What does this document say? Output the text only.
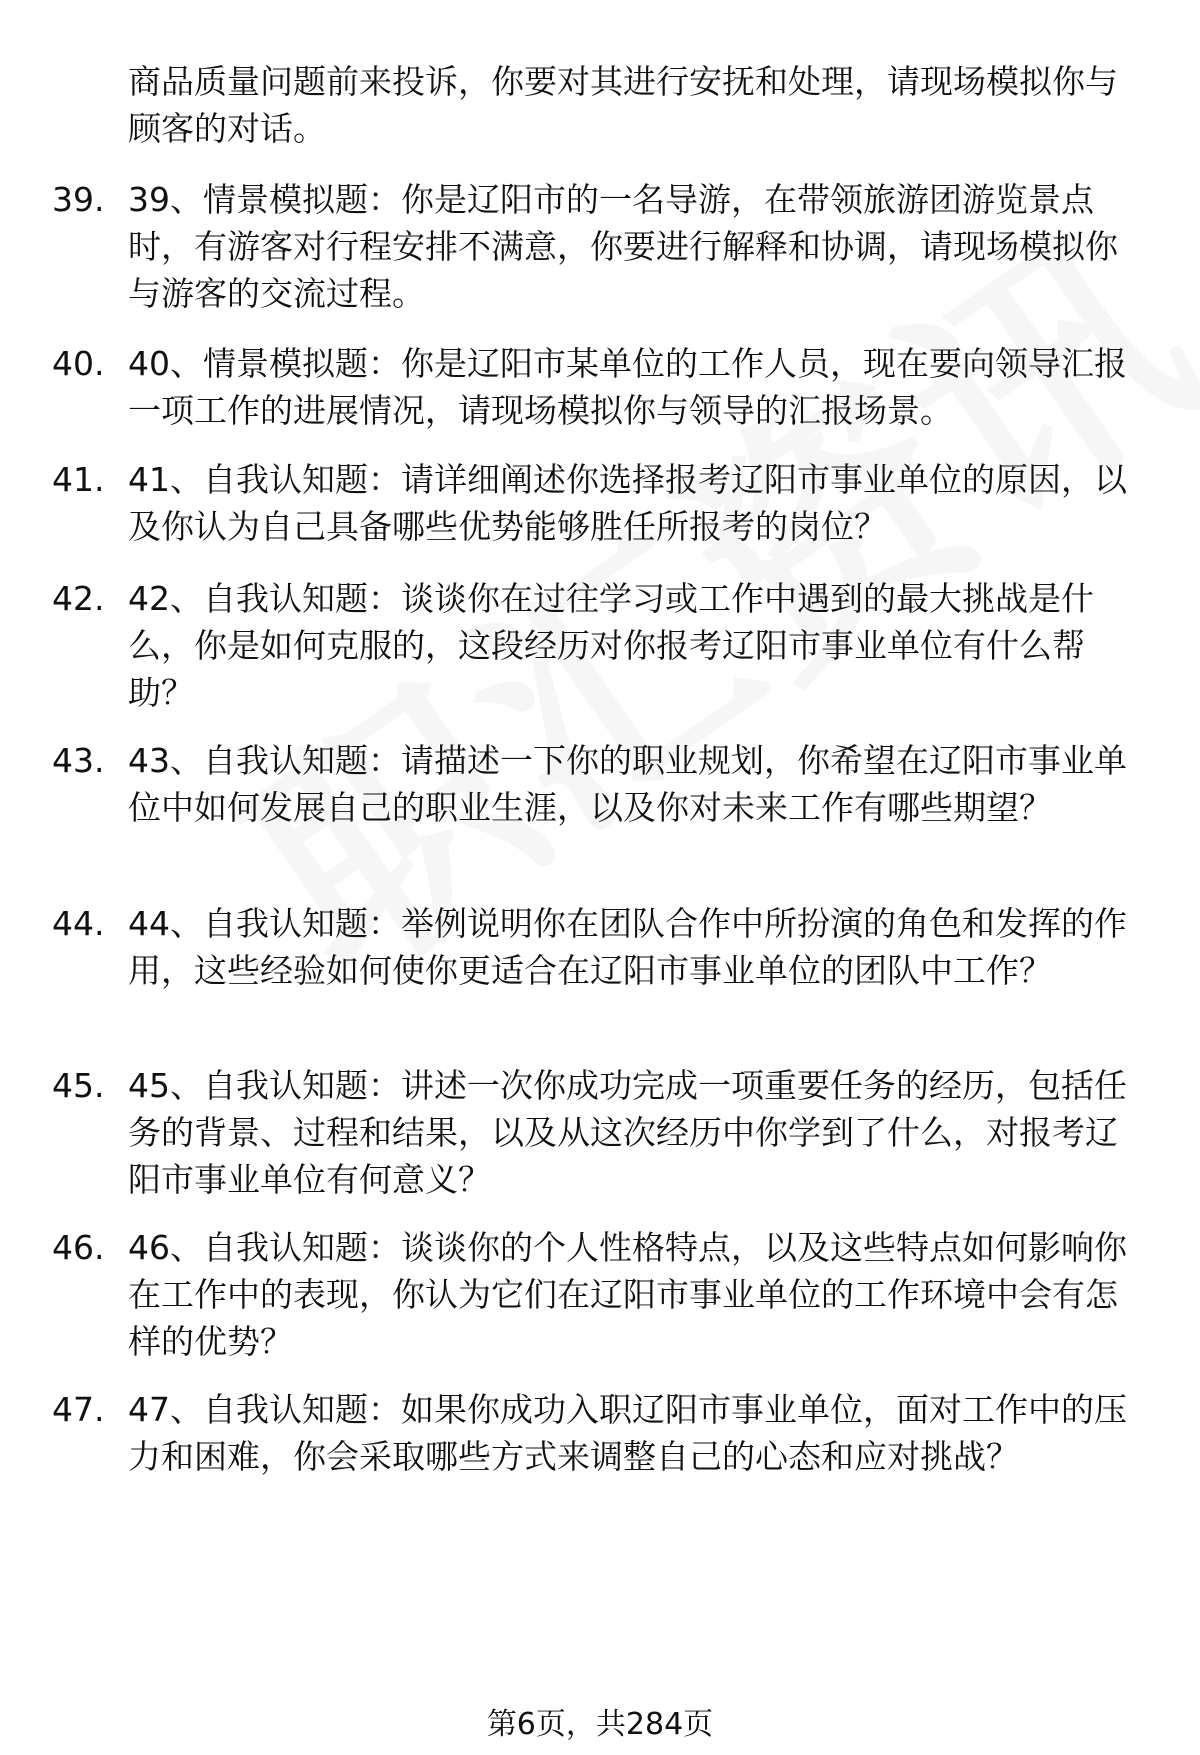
商品质量问题前来投诉，你要对其进行安抚和处理，请现场模拟你与顾客的对话。
39. 39、情景模拟题：你是辽阳市的一名导游，在带领旅游团游览景点时，有游客对行程安排不满意，你要进行解释和协调，请现场模拟你与游客的交流过程。
40. 40、情景模拟题：你是辽阳市某单位的工作人员，现在要向领导汇报一项工作的进展情况，请现场模拟你与领导的汇报场景。
41. 41、自我认知题：请详细阐述你选择报考辽阳市事业单位的原因，以及你认为自己具备哪些优势能够胜任所报考的岗位？
42. 42、自我认知题：谈谈你在过往学习或工作中遇到的最大挑战是什么，你是如何克服的，这段经历对你报考辽阳市事业单位有什么帮助？
43. 43、自我认知题：请描述一下你的职业规划，你希望在辽阳市事业单位中如何发展自己的职业生涯，以及你对未来工作有哪些期望？
44. 44、自我认知题：举例说明你在团队合作中所扮演的角色和发挥的作用，这些经验如何使你更适合在辽阳市事业单位的团队中工作？
45. 45、自我认知题：讲述一次你成功完成一项重要任务的经历，包括任务的背景、过程和结果，以及从这次经历中你学到了什么，对报考辽阳市事业单位有何意义？
46. 46、自我认知题：谈谈你的个人性格特点，以及这些特点如何影响你在工作中的表现，你认为它们在辽阳市事业单位的工作环境中会有怎样的优势？
47. 47、自我认知题：如果你成功入职辽阳市事业单位，面对工作中的压力和困难，你会采取哪些方式来调整自己的心态和应对挑战？
第6页，共284页
